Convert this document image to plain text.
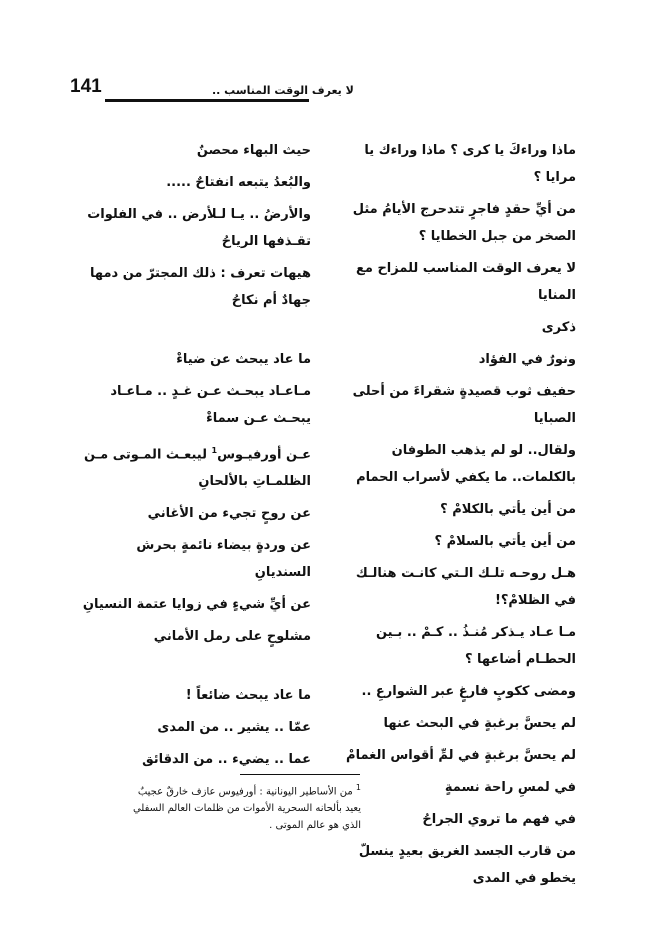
لا يعرف الوقت المناسب ..
141

ماذا وراءكَ يا كرى ؟ ماذا وراءك يا مرايا ؟

من أيِّ حقدٍ فاجرٍ تتدحرج الأيامُ مثل الصخر من جبل الخطايا ؟

لا يعرف الوقت المناسب للمزاح مع المنايا

ذكرى

ونورٌ في الفؤاد

حفيف ثوب قصيدةٍ شقراءَ من أحلى الصبايا

ولقال.. لو لم يذهب الطوفان بالكلمات.. ما يكفي لأسراب الحمام

من أين يأتي بالكلامْ ؟

من أين يأتي بالسلامْ ؟

هـل روحـه تلـك الـتي كانـت هنالـك في الظلامْ؟!

مـا عـاد يـذكر مُنـذُ .. كـمْ .. بـين الحطـام أضاعها ؟

ومضى ككوبٍ فارغٍ عبر الشوارعِ ..

لم يحسَّ برغبةٍ في البحث عنها

لم يحسَّ برغبةٍ في لمِّ أقواس الغمامْ

في لمسِ راحة نسمةٍ

في فهم ما تروي الجراحُ

من قارب الجسد الغريق بعيدٍ ينسلّ يخطو في المدى

حيث البهاء محصنٌ

والبُعدُ يتبعه انفتاحٌ .....

والأرضُ .. يـا لـلأرض .. في الفلوات تقـذفها الرياحُ

هيهات تعرف : ذلك المجترّ من دمها جهادٌ أم نكاحُ

ما عاد يبحث عن ضياءْ

مـاعـاد يبحـث عـن غـدٍ .. مـاعـاد يبحـث عـن سماءْ

عـن أورفيـوس$^1$ ليبعـث المـوتى مـن الظلمـاتِ بالألحانِ

عن روحٍ تجيء من الأغاني

عن وردةٍ بيضاء نائمةٍ بحرش السنديانِ

عن أيِّ شيءٍ في زوايا عتمة النسيانِ

مشلوحٍ على رمل الأماني

ما عاد يبحث ضائعاً !

عمّا .. يشير .. من المدى

عما .. يضيء .. من الدقائق

$^1$ من الأساطير اليونانية : أورفيوس عازف خارقٌ عجيبٌ يعيد بألحانه السحرية الأموات من ظلمات العالم السفلي الذي هو عالم الموتى .
